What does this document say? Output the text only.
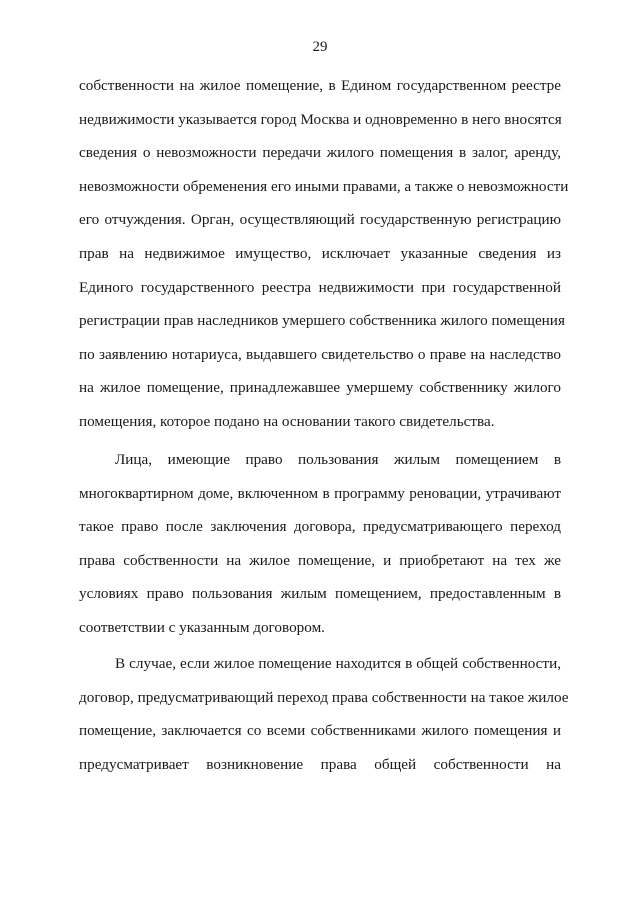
29
собственности на жилое помещение, в Едином государственном реестре
недвижимости указывается город Москва и одновременно в него вносятся
сведения о невозможности передачи жилого помещения в залог, аренду,
невозможности обременения его иными правами, а также о невозможности
его отчуждения. Орган, осуществляющий государственную регистрацию
прав на недвижимое имущество, исключает указанные сведения из
Единого государственного реестра недвижимости при государственной
регистрации прав наследников умершего собственника жилого помещения
по заявлению нотариуса, выдавшего свидетельство о праве на наследство
на жилое помещение, принадлежавшее умершему собственнику жилого
помещения, которое подано на основании такого свидетельства.
Лица, имеющие право пользования жилым помещением в
многоквартирном доме, включенном в программу реновации, утрачивают
такое право после заключения договора, предусматривающего переход
права собственности на жилое помещение, и приобретают на тех же
условиях право пользования жилым помещением, предоставленным в
соответствии с указанным договором.
В случае, если жилое помещение находится в общей собственности,
договор, предусматривающий переход права собственности на такое жилое
помещение, заключается со всеми собственниками жилого помещения и
предусматривает возникновение права общей собственности на
